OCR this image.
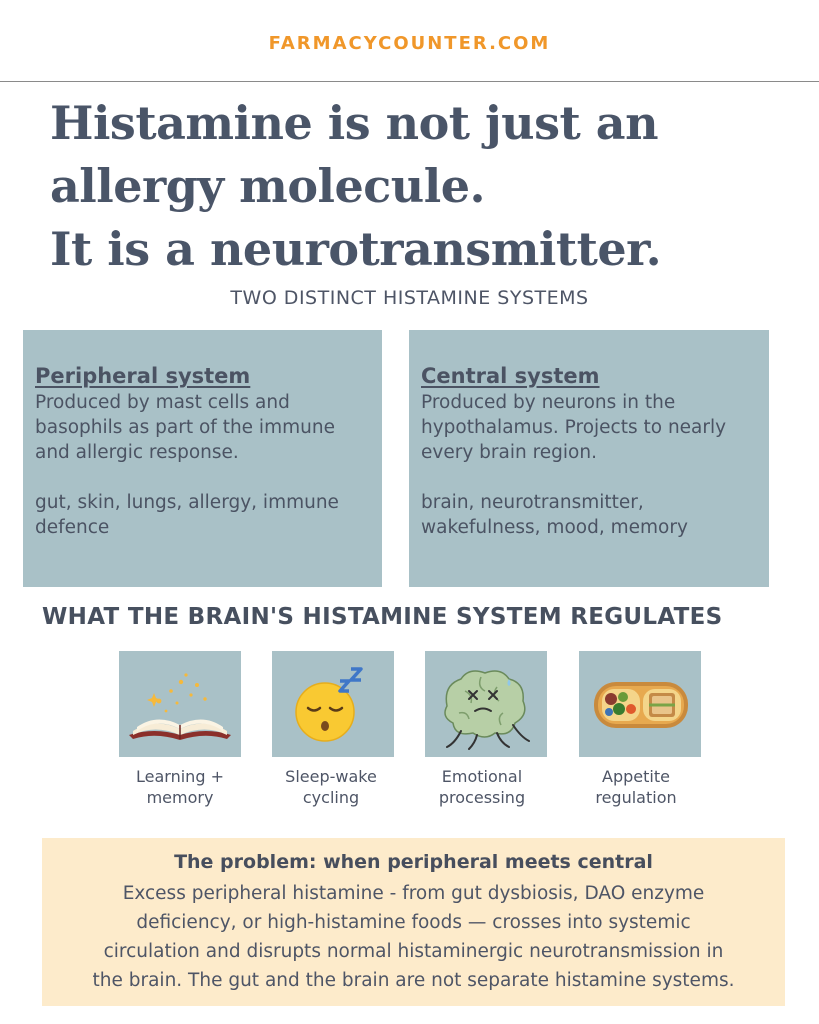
FARMACYCOUNTER.COM
Histamine is not just an
allergy molecule.
It is a neurotransmitter.
TWO DISTINCT HISTAMINE SYSTEMS
Peripheral system
Produced by mast cells and basophils as part of the immune and allergic response.
gut, skin, lungs, allergy, immune defence
Central system
Produced by neurons in the hypothalamus. Projects to nearly every brain region.
brain, neurotransmitter, wakefulness, mood, memory
WHAT THE BRAIN'S HISTAMINE SYSTEM REGULATES
Learning +
memory
Sleep-wake
cycling
Emotional
processing
Appetite
regulation
The problem: when peripheral meets central
Excess peripheral histamine - from gut dysbiosis, DAO enzyme
deficiency, or high-histamine foods — crosses into systemic
circulation and disrupts normal histaminergic neurotransmission in
the brain. The gut and the brain are not separate histamine systems.
